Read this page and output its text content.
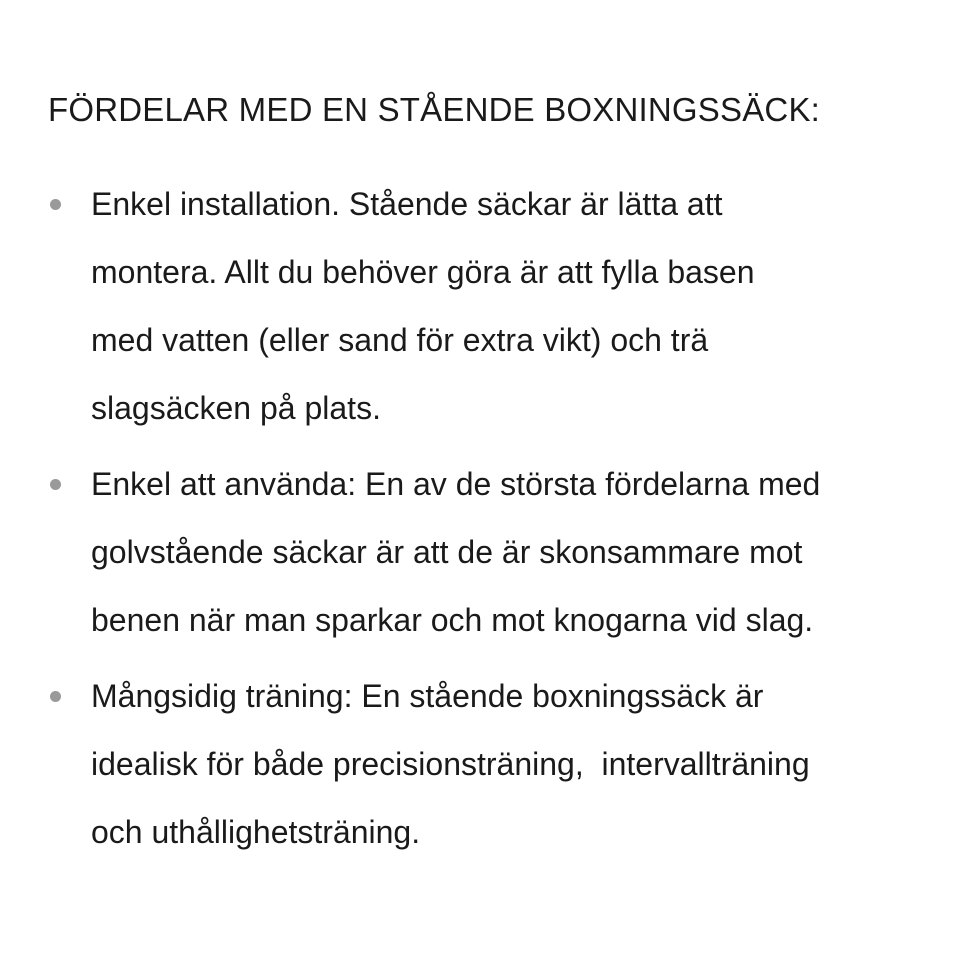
FÖRDELAR MED EN STÅENDE BOXNINGSSÄCK:
Enkel installation. Stående säckar är lätta att
montera. Allt du behöver göra är att fylla basen
med vatten (eller sand för extra vikt) och trä
slagsäcken på plats.
Enkel att använda: En av de största fördelarna med
golvstående säckar är att de är skonsammare mot
benen när man sparkar och mot knogarna vid slag.
Mångsidig träning: En stående boxningssäck är
idealisk för både precisionsträning,  intervallträning
och uthållighetsträning.
